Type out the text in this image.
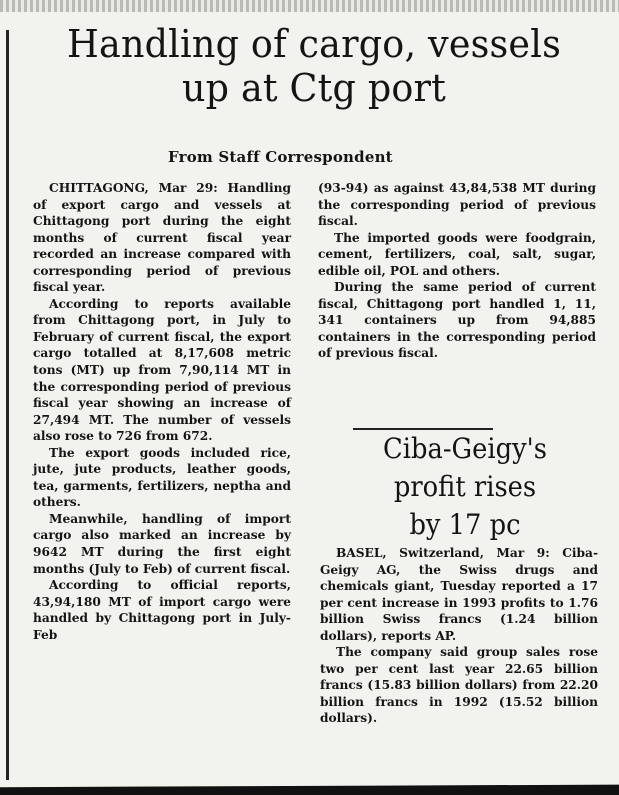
Handling of cargo, vessels
up at Ctg port
From Staff Correspondent

CHITTAGONG, Mar 29: Handling of export cargo and vessels at Chittagong port during the eight months of current fiscal year recorded an increase compared with corresponding period of previous fiscal year.

According to reports available from Chittagong port, in July to February of current fiscal, the export cargo totalled at 8,17,608 metric tons (MT) up from 7,90,114 MT in the corresponding period of previous fiscal year showing an increase of 27,494 MT. The number of vessels also rose to 726 from 672.

The export goods included rice, jute, jute products, leather goods, tea, garments, fertilizers, neptha and others.

Meanwhile, handling of import cargo also marked an increase by 9642 MT during the first eight months (July to Feb) of current fiscal.

According to official reports, 43,94,180 MT of import cargo were handled by Chittagong port in July-Feb

(93-94) as against 43,84,538 MT during the corresponding period of previous fiscal.

The imported goods were foodgrain, cement, fertilizers, coal, salt, sugar, edible oil, POL and others.

During the same period of current fiscal, Chittagong port handled 1, 11, 341 containers up from 94,885 containers in the corresponding period of previous fiscal.

Ciba-Geigy's
profit rises
by 17 pc

BASEL, Switzerland, Mar 9: Ciba-Geigy AG, the Swiss drugs and chemicals giant, Tuesday reported a 17 per cent increase in 1993 profits to 1.76 billion Swiss francs (1.24 billion dollars), reports AP.

The company said group sales rose two per cent last year 22.65 billion francs (15.83 billion dollars) from 22.20 billion francs in 1992 (15.52 billion dollars).
